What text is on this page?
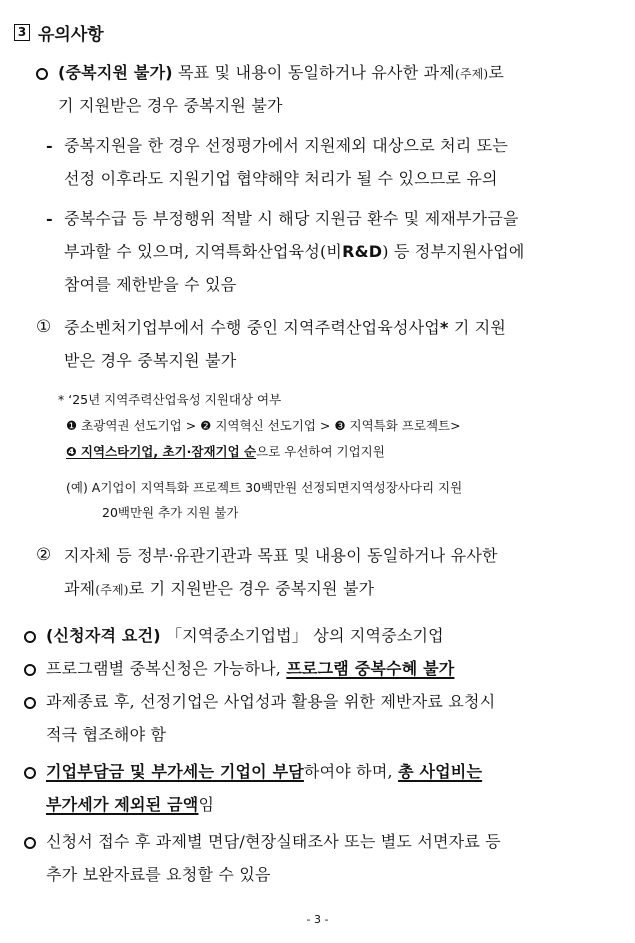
3 유의사항
(중복지원 불가) 목표 및 내용이 동일하거나 유사한 과제(주제)로
기 지원받은 경우 중복지원 불가
- 중복지원을 한 경우 선정평가에서 지원제외 대상으로 처리 또는
선정 이후라도 지원기업 협약해약 처리가 될 수 있으므로 유의
- 중복수급 등 부정행위 적발 시 해당 지원금 환수 및 제재부가금을
부과할 수 있으며, 지역특화산업육성(비R&D) 등 정부지원사업에
참여를 제한받을 수 있음
① 중소벤처기업부에서 수행 중인 지역주력산업육성사업* 기 지원
받은 경우 중복지원 불가
* ‘25년 지역주력산업육성 지원대상 여부
❶ 초광역권 선도기업 > ❷ 지역혁신 선도기업 > ❸ 지역특화 프로젝트>
❹ 지역스타기업, 초기·잠재기업 순으로 우선하여 기업지원
(예) A기업이 지역특화 프로젝트 30백만원 선정되면지역성장사다리 지원
20백만원 추가 지원 불가
② 지자체 등 정부·유관기관과 목표 및 내용이 동일하거나 유사한
과제(주제)로 기 지원받은 경우 중복지원 불가
(신청자격 요건) 「지역중소기업법」 상의 지역중소기업
프로그램별 중복신청은 가능하나, 프로그램 중복수혜 불가
과제종료 후, 선정기업은 사업성과 활용을 위한 제반자료 요청시
적극 협조해야 함
기업부담금 및 부가세는 기업이 부담하여야 하며, 총 사업비는
부가세가 제외된 금액임
신청서 접수 후 과제별 면담/현장실태조사 또는 별도 서면자료 등
추가 보완자료를 요청할 수 있음
- 3 -
